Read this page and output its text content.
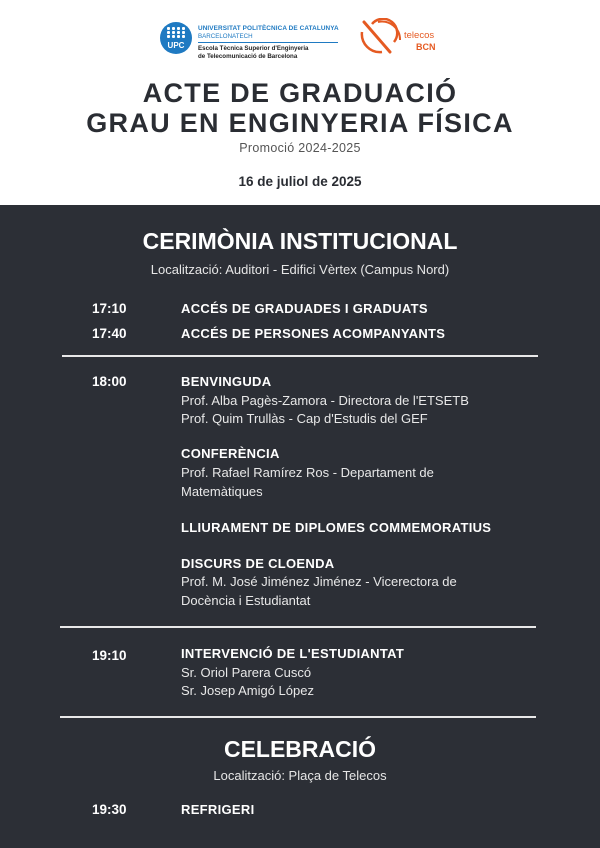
UPC
UNIVERSITAT POLITÈCNICA DE CATALUNYA
BARCELONATECH
Escola Tècnica Superior d'Enginyeria
de Telecomunicació de Barcelona
telecos
BCN
ACTE DE GRADUACIÓ
GRAU EN ENGINYERIA FÍSICA
Promoció 2024-2025
16 de juliol de 2025
CERIMÒNIA INSTITUCIONAL
Localització: Auditori - Edifici Vèrtex (Campus Nord)
17:10	ACCÉS DE GRADUADES I GRADUATS
17:40	ACCÉS DE PERSONES ACOMPANYANTS
18:00	BENVINGUDA
Prof. Alba Pagès-Zamora - Directora de l'ETSETB
Prof. Quim Trullàs - Cap d'Estudis del GEF
CONFERÈNCIA
Prof. Rafael Ramírez Ros - Departament de
Matemàtiques
LLIURAMENT DE DIPLOMES COMMEMORATIUS
DISCURS DE CLOENDA
Prof. M. José Jiménez Jiménez - Vicerectora de
Docència i Estudiantat
19:10	INTERVENCIÓ DE L'ESTUDIANTAT
Sr. Oriol Parera Cuscó
Sr. Josep Amigó López
CELEBRACIÓ
Localització: Plaça de Telecos
19:30	REFRIGERI
